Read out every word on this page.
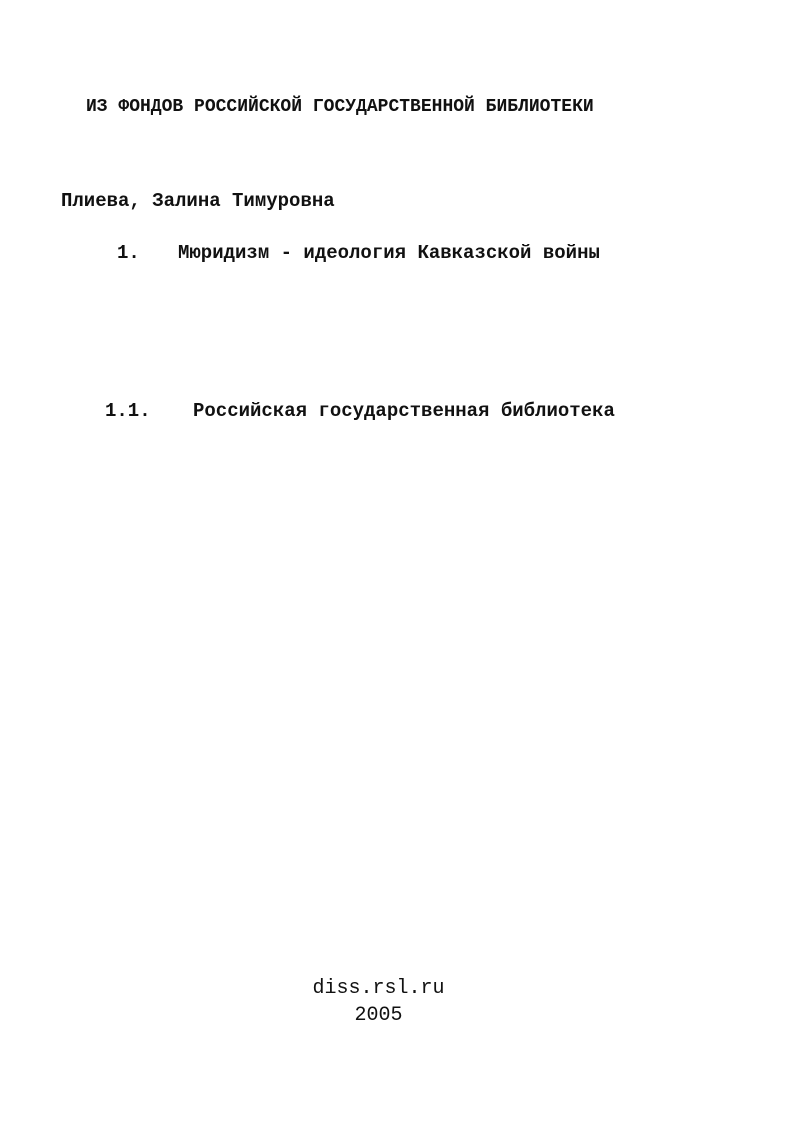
ИЗ ФОНДОВ РОССИЙСКОЙ ГОСУДАРСТВЕННОЙ БИБЛИОТЕКИ
Плиева, Залина Тимуровна
1. Мюридизм - идеология Кавказской войны
1.1. Российская государственная библиотека
diss.rsl.ru
2005
